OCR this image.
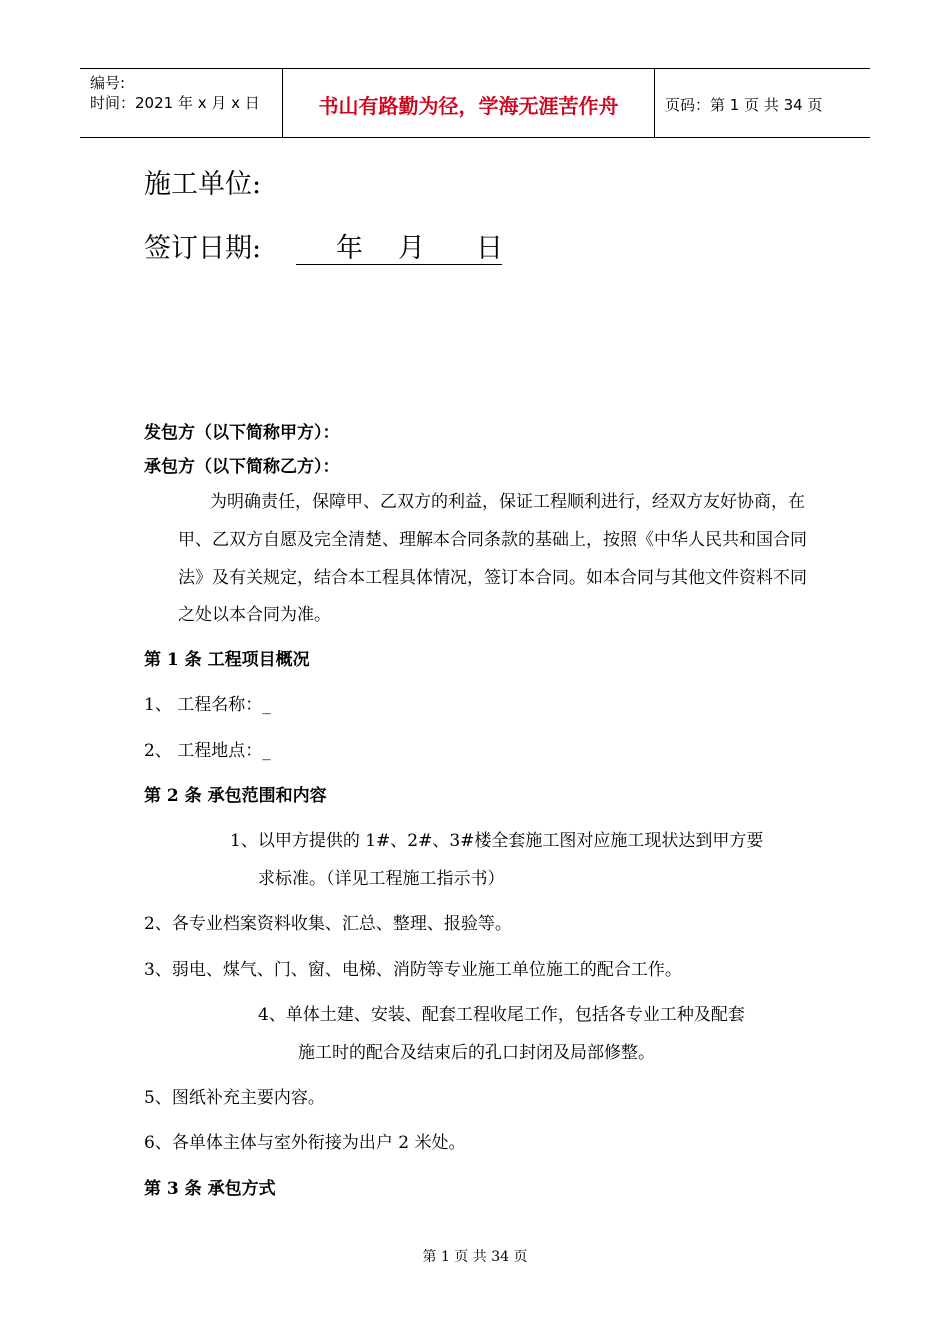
编号:
时间：2021 年 x 月 x 日	书山有路勤为径，学海无涯苦作舟	页码：第 1 页 共 34 页
施工单位:
签订日期:	年 月 日
发包方（以下简称甲方）：
承包方（以下简称乙方）：
为明确责任，保障甲、乙双方的利益，保证工程顺利进行，经双方友好协商，在
甲、乙双方自愿及完全清楚、理解本合同条款的基础上，按照《中华人民共和国合同
法》及有关规定，结合本工程具体情况，签订本合同。如本合同与其他文件资料不同
之处以本合同为准。
第 1 条 工程项目概况
1、 工程名称：_
2、 工程地点：_
第 2 条 承包范围和内容
1、以甲方提供的 1#、2#、3#楼全套施工图对应施工现状达到甲方要
求标准。（详见工程施工指示书）
2、各专业档案资料收集、汇总、整理、报验等。
3、弱电、煤气、门、窗、电梯、消防等专业施工单位施工的配合工作。
4、单体土建、安装、配套工程收尾工作，包括各专业工种及配套
施工时的配合及结束后的孔口封闭及局部修整。
5、图纸补充主要内容。
6、各单体主体与室外衔接为出户 2 米处。
第 3 条 承包方式
第 1 页 共 34 页
